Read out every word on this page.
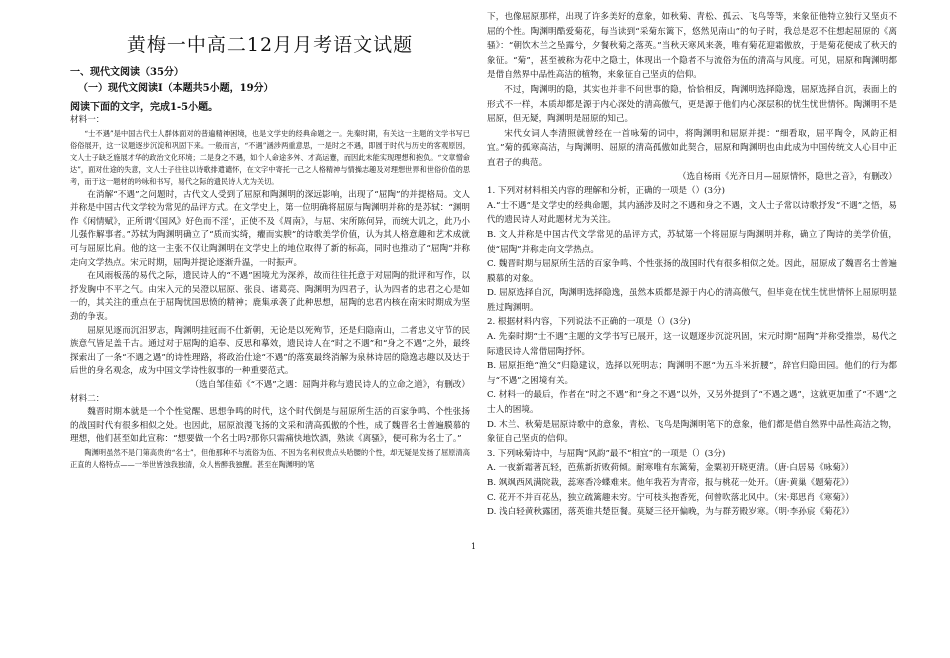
黄梅一中高二12月月考语文试题
一、现代文阅读（35分）
（一）现代文阅读Ⅰ（本题共5小题，19分）
阅读下面的文字，完成1-5小题。

材料一：

“士不遇”是中国古代士人群体面对的普遍精神困境，也是文学史的经典命题之一。先秦时期，有关这一主题的文学书写已俗俗展开，这一议题逐步沉淀和巩固下来。一般而言，“不遇”涵涉两重意思，一是时之不遇，即圆于时代与历史的客观原因，文人士子缺乏施展才华的政治文化环境；二是身之不遇，如个人命途多舛、才高运蹇，而因此未能实现理想和抱负。“文章憎命达”，面对仕途的失意，文人士子往往以诗歌排遣谴怀，在文字中寄托一己之人格精神与情操志趣及对理想世界和世俗价值的思考，而于这一题材的吟咏和书写，易代之际的遗民诗人尤为关切。

在消解“不遇”之问题时，古代文人受到了屈原和陶渊明的深远影响，出现了“屈陶”的并提格局。文人并称是中国古代文学较为常见的品评方式。在文学史上，第一位明确将屈原与陶渊明并称的是苏轼：“渊明作《闲情赋》，正所谓‘《国风》好色而不淫’，正使不及《周南》，与屈、宋所陈何异，而统大讥之，此乃小儿强作解事者。”苏轼为陶渊明确立了“质而实绮，癯而实腴”的诗歌美学价值，认为其人格意趣和艺术成就可与屈原比肩。他的这一主张不仅让陶渊明在文学史上的地位取得了新的标高，同时也推动了“屈陶”并称走向文学热点。宋元时期，屈陶并提论逐渐升温，一时振声。

在风雨板荡的易代之际，遗民诗人的“不遇”困境尤为深养，故而往往托意于对屈陶的批评和写作，以抒发胸中不平之气。由宋入元的吴澄以屈原、张良、诸葛亮、陶渊明为四君子，认为四者的忠君之心是如一的，其关注的重点在于屈陶忧国思愤的精神；鹿集承袭了此种思想，屈陶的忠君内核在南宋时期成为坚劲的争衷。

屈原见逐而沉汨罗志，陶渊明挂冠而不仕新朝，无论是以死殉节，还是归隐南山，二者忠义守节的民族意气皆足盖千古。通过对于屈陶的追奉、反思和摹效，遗民诗人在“时之不遇”和“身之不遇”之外，最终探索出了一条“不遇之遇”的诗性理路，将政治仕途“不遇”的落寞最终消解为泉林诗居的隐逸志趣以及达于后世的身名观念，成为中国文学诗性叙事的一种重要范式。

（选自邹佳茹《“不遇”之遇：屈陶并称与遗民诗人的立命之道》，有删改）

材料二：

魏晋时期本就是一个个性觉醒、思想争鸣的时代，这个时代倒是与屈原所生活的百家争鸣、个性张扬的战国时代有很多相似之处。也因此，屈原浪漫飞扬的文采和清高孤傲的个性，成了魏晋名士普遍膜慕的理想，他们甚至如此宣称：“想要做一个名士吗?那你只需痛快地饮酒，熟读《离骚》，便可称为名士了。”

陶渊明虽然不是门第高贵的“名士”，但他那种不与流俗为伍、不因为名利权贵点头哈腰的个性，却无疑是发扬了屈原清高正直的人格特点——一举世皆浊我独清，众人皆醉我独醒。甚至在陶渊明的笔

下，也像屈原那样，出现了许多美好的意象，如秋菊、青松、孤云、飞鸟等等，来象征他特立独行又坚贞不屈的个性。陶渊明酷爱菊花，每当读到“采菊东篱下，悠然见南山”的句子时，我总是忍不住想起屈原的《离骚》：“朝饮木兰之坠露兮，夕餐秋菊之落英。”当秋天寒风来袭，唯有菊花迎霜傲放，于是菊花便成了秋天的象征。“菊”，甚至被称为花中之隐士，体现出一个隐者不与流俗为伍的清高与风度。可见，屈原和陶渊明都是借自然界中品性高洁的植物，来象征自己坚贞的信仰。

不过，陶渊明的隐，其实也并非不问世事的隐，恰恰相反，陶渊明选择隐逸，屈原选择自沉，表面上的形式不一样，本质却都是源于内心深处的清高傲气，更是源于他们内心深层积的忧生忧世情怀。陶渊明不是屈原，但无疑，陶渊明是屈原的知己。

宋代女词人李清照就曾经在一首咏菊的词中，将陶渊明和屈原并提：“细看取，屈平陶令，风韵正相宜。”菊的孤寒高洁，与陶渊明、屈原的清高孤傲如此契合，屈原和陶渊明也由此成为中国传统文人心目中正直君子的典范。

（选自杨雨《光齐日月—屈原情怀，隐世之音》，有删改）

1. 下列对材料相关内容的理解和分析，正确的一项是（）(3分)

A.“士不遇”是文学史的经典命题，其内涵涉及时之不遇和身之不遇，文人士子常以诗歌抒发“不遇”之悟，易代的遗民诗人对此题材尤为关注。

B. 文人并称是中国古代文学常见的品评方式，苏轼第一个将屈原与陶渊明并称，确立了陶诗的美学价值，使“屈陶”并称走向文学热点。

C. 魏晋时期与屈原所生活的百家争鸣、个性张扬的战国时代有很多相似之处。因此，屈原成了魏晋名士普遍膜慕的对象。

D. 屈原选择自沉，陶渊明选择隐逸，虽然本质都是源于内心的清高傲气，但毕竟在忧生忧世情怀上屈原明显胜过陶渊明。

2. 根据材料内容，下列说法不正确的一项是（）(3分)

A. 先秦时期“士不遇”主题的文学书写已展开，这一议题逐步沉淀巩固，宋元时期“屈陶”并称受推崇，易代之际遗民诗人常借屈陶抒怀。

B. 屈原拒绝“渔父”归隐建议，选择以死明志；陶渊明不愿“为五斗米折腰”，辞官归隐田园。他们的行为都与“不遇”之困境有关。

C. 材料一的最后，作者在“时之不遇”和“身之不遇”以外，又另外提到了“不遇之遇”，这就更加重了“不遇”之士人的困境。

D. 木兰、秋菊是屈原诗歌中的意象，青松、飞鸟是陶渊明笔下的意象，他们都是借自然界中品性高洁之物，象征自己坚贞的信仰。

3. 下列咏菊诗中，与屈陶“风韵”最不“相宜”的一项是（）(3分)

A. 一夜新霜著瓦轻，芭蕉新折败荷倾。耐寒唯有东篱菊，金粟初开晓更清。（唐·白居易《咏菊》）

B. 飒飒西风满院栽，蕊寒香冷蝶难来。他年我若为青帝，报与桃花一处开。（唐·黄巢《题菊花》）

C. 花开不并百花丛，独立疏篱趣未穷。宁可枝头抱香死，何曾吹落北风中。（宋·郑思肖《寒菊》）

D. 浅白轻黄秋露团，落英谁共楚臣餐。莫疑三径开偏晚，为与群芳殿岁寒。（明·李孙宸《菊花》）

1
